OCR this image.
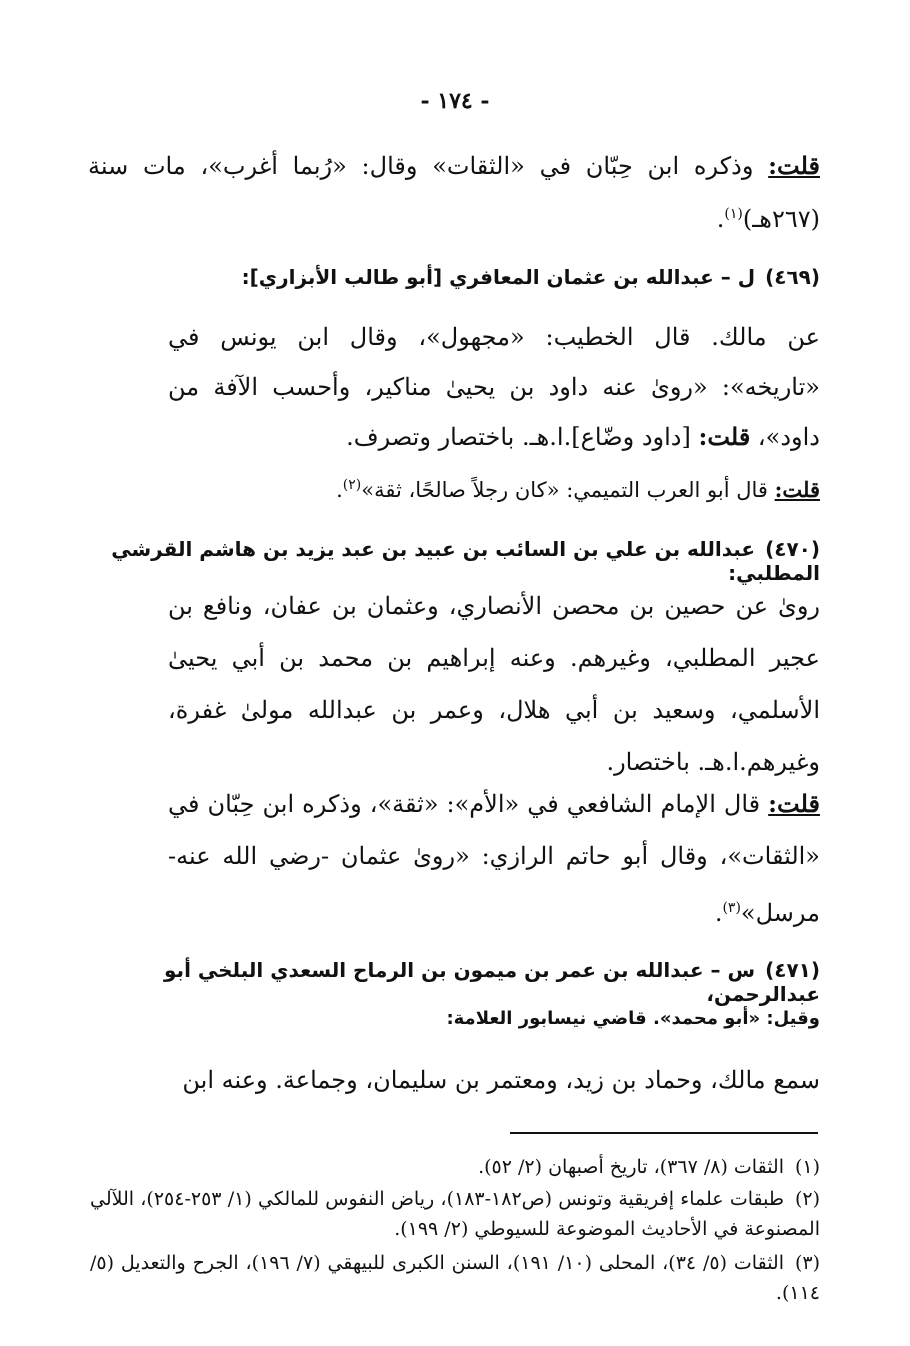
- ١٧٤ -

قلت: وذكره ابن حِبّان في «الثقات» وقال: «رُبما أغرب»، مات سنة (٢٦٧هـ)$^{(١)}$.

(٤٦٩)ل – عبدالله بن عثمان المعافري [أبو طالب الأبزاري]:

عن مالك. قال الخطيب: «مجهول»، وقال ابن يونس في «تاريخه»: «روىٰ عنه داود بن يحيىٰ مناكير، وأحسب الآفة من داود»، قلت: [داود وضّاع].ا.هـ. باختصار وتصرف.

قلت: قال أبو العرب التميمي: «كان رجلاً صالحًا، ثقة»$^{(٢)}$.

(٤٧٠)عبدالله بن علي بن السائب بن عبيد بن عبد يزيد بن هاشم القرشي المطلبي:

روىٰ عن حصين بن محصن الأنصاري، وعثمان بن عفان، ونافع بن عجير المطلبي، وغيرهم. وعنه إبراهيم بن محمد بن أبي يحيىٰ الأسلمي، وسعيد بن أبي هلال، وعمر بن عبدالله مولىٰ غفرة، وغيرهم.ا.هـ. باختصار.

قلت: قال الإمام الشافعي في «الأم»: «ثقة»، وذكره ابن حِبّان في «الثقات»، وقال أبو حاتم الرازي: «روىٰ عثمان -رضي الله عنه- مرسل»$^{(٣)}$.

(٤٧١)س – عبدالله بن عمر بن ميمون بن الرماح السعدي البلخي أبو عبدالرحمن،
وقيل: «أبو محمد». قاضي نيسابور العلامة:

سمع مالك، وحماد بن زيد، ومعتمر بن سليمان، وجماعة. وعنه ابن

(١)الثقات (٨/ ٣٦٧)، تاريخ أصبهان (٢/ ٥٢).
(٢)طبقات علماء إفريقية وتونس (ص١٨٢-١٨٣)، رياض النفوس للمالكي (١/ ٢٥٣-٢٥٤)، اللآلي المصنوعة في الأحاديث الموضوعة للسيوطي (٢/ ١٩٩).
(٣)الثقات (٥/ ٣٤)، المحلى (١٠/ ١٩١)، السنن الكبرى للبيهقي (٧/ ١٩٦)، الجرح والتعديل (٥/ ١١٤).
